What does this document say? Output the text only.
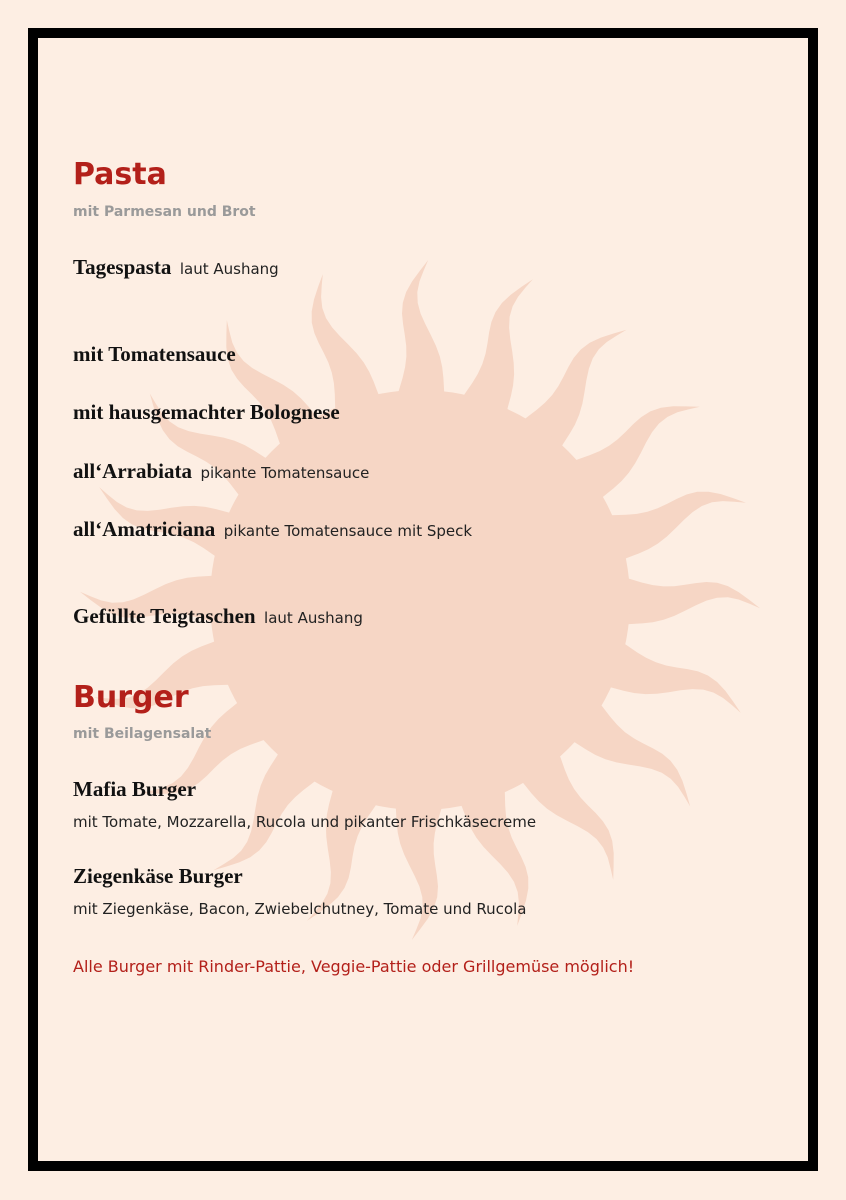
Pasta
mit Parmesan und Brot
Tagespasta laut Aushang
mit Tomatensauce
mit hausgemachter Bolognese
all‘Arrabiata pikante Tomatensauce
all‘Amatriciana pikante Tomatensauce mit Speck
Gefüllte Teigtaschen laut Aushang
Burger
mit Beilagensalat
Mafia Burger
mit Tomate, Mozzarella, Rucola und pikanter Frischkäsecreme
Ziegenkäse Burger
mit Ziegenkäse, Bacon, Zwiebelchutney, Tomate und Rucola
Alle Burger mit Rinder-Pattie, Veggie-Pattie oder Grillgemüse möglich!
